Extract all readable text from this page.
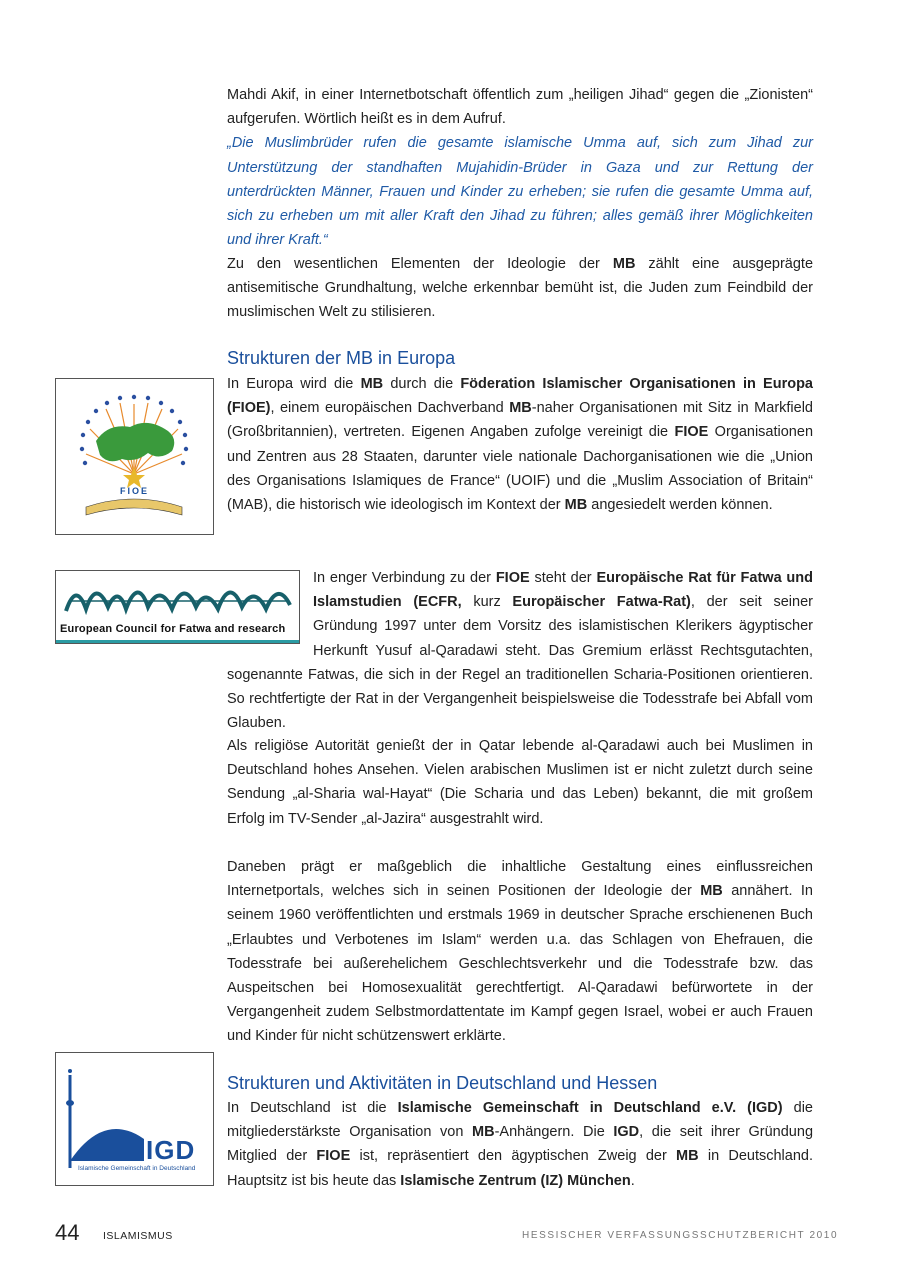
Mahdi Akif, in einer Internetbotschaft öffentlich zum „heiligen Jihad“ gegen die „Zionisten“ aufgerufen. Wörtlich heißt es in dem Aufruf.
„Die Muslimbrüder rufen die gesamte islamische Umma auf, sich zum Jihad zur Unterstützung der standhaften Mujahidin-Brüder in Gaza und zur Rettung der unterdrückten Männer, Frauen und Kinder zu erheben; sie rufen die gesamte Umma auf, sich zu erheben um mit aller Kraft den Jihad zu führen; alles gemäß ihrer Möglichkeiten und ihrer Kraft.“

Zu den wesentlichen Elementen der Ideologie der MB zählt eine ausgeprägte antisemitische Grundhaltung, welche erkennbar bemüht ist, die Juden zum Feindbild der muslimischen Welt zu stilisieren.

Strukturen der MB in Europa
FIOE

In Europa wird die MB durch die Föderation Islamischer Organisationen in Europa (FIOE), einem europäischen Dachverband MB-naher Organisationen mit Sitz in Markfield (Großbritannien), vertreten. Eigenen Angaben zufolge vereinigt die FIOE Organisationen und Zentren aus 28 Staaten, darunter viele nationale Dachorganisationen wie die „Union des Organisations Islamiques de France“ (UOIF) und die „Muslim Association of Britain“ (MAB), die historisch wie ideologisch im Kontext der MB angesiedelt werden können.

European Council for Fatwa and research
In enger Verbindung zu der FIOE steht der Europäische Rat für Fatwa und Islamstudien (ECFR, kurz Europäischer Fatwa-Rat), der seit seiner Gründung 1997 unter dem Vorsitz des islamistischen Klerikers ägyptischer Herkunft Yusuf al-Qaradawi steht. Das Gremium erlässt Rechtsgutachten, sogenannte Fatwas, die sich in der Regel an traditionellen Scharia-Positionen orientieren. So rechtfertigte der Rat in der Vergangenheit beispielsweise die Todesstrafe bei Abfall vom Glauben.

Als religiöse Autorität genießt der in Qatar lebende al-Qaradawi auch bei Muslimen in Deutschland hohes Ansehen. Vielen arabischen Muslimen ist er nicht zuletzt durch seine Sendung „al-Sharia wal-Hayat“ (Die Scharia und das Leben) bekannt, die mit großem Erfolg im TV-Sender „al-Jazira“ ausgestrahlt wird.

Daneben prägt er maßgeblich die inhaltliche Gestaltung eines einflussreichen Internetportals, welches sich in seinen Positionen der Ideologie der MB annähert. In seinem 1960 veröffentlichten und erstmals 1969 in deutscher Sprache erschienenen Buch „Erlaubtes und Verbotenes im Islam“ werden u.a. das Schlagen von Ehefrauen, die Todesstrafe bei außerehelichem Geschlechtsverkehr und die Todesstrafe bzw. das Auspeitschen bei Homosexualität gerechtfertigt. Al-Qaradawi befürwortete in der Vergangenheit zudem Selbstmordattentate im Kampf gegen Israel, wobei er auch Frauen und Kinder für nicht schützenswert erklärte.

IGD
Islamische Gemeinschaft in Deutschland
Strukturen und Aktivitäten in Deutschland und Hessen

In Deutschland ist die Islamische Gemeinschaft in Deutschland e.V. (IGD) die mitgliederstärkste Organisation von MB-Anhängern. Die IGD, die seit ihrer Gründung Mitglied der FIOE ist, repräsentiert den ägyptischen Zweig der MB in Deutschland. Hauptsitz ist bis heute das Islamische Zentrum (IZ) München.

44 ISLAMISMUS	HESSISCHER VERFASSUNGSSCHUTZBERICHT 2010
